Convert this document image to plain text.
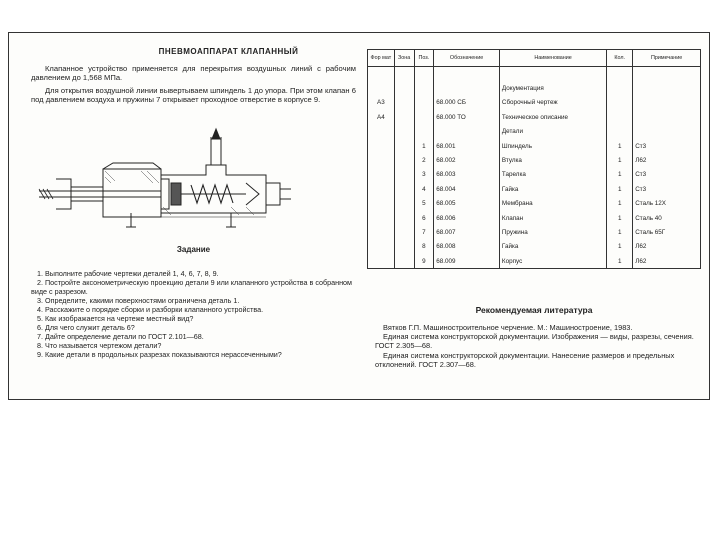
ПНЕВМОАППАРАТ КЛАПАННЫЙ

Клапанное устройство применяется для перекрытия воздушных линий с рабочим давлением до 1,568 МПа.

Для открытия воздушной линии вывертываем шпиндель 1 до упора. При этом клапан 6 под давлением воздуха и пружины 7 открывает проходное отверстие в корпусе 9.

Задание
1. Выполните рабочие чертежи деталей 1, 4, 6, 7, 8, 9.
2. Постройте аксонометрическую проекцию детали 9 или клапанного устройства в собранном виде с разрезом.
3. Определите, какими поверхностями ограничена деталь 1.
4. Расскажите о порядке сборки и разборки клапанного устройства.
5. Как изображается на чертеже местный вид?
6. Для чего служит деталь 6?
7. Дайте определение детали по ГОСТ 2.101—68.
8. Что называется чертежом детали?
9. Какие детали в продольных разрезах показываются нерассеченными?
Фор мат	Зона	Поз.	Обозначение	Наименование	Кол.	Примечание

				Документация		
А3			68.000 СБ	Сборочный чертеж		
А4			68.000 ТО	Техническое описание		
				Детали		
		1	68.001	Шпиндель	1	Ст3
		2	68.002	Втулка	1	Л62
		3	68.003	Тарелка	1	Ст3
		4	68.004	Гайка	1	Ст3
		5	68.005	Мембрана	1	Сталь 12Х
		6	68.006	Клапан	1	Сталь 40
		7	68.007	Пружина	1	Сталь 65Г
		8	68.008	Гайка	1	Л62
		9	68.009	Корпус	1	Л62
Рекомендуемая литература
Вятков Г.П. Машиностроительное черчение. М.: Машиностроение, 1983.
Единая система конструкторской документации. Изображения — виды, разрезы, сечения. ГОСТ 2.305—68.
Единая система конструкторской документации. Нанесение размеров и предельных отклонений. ГОСТ 2.307—68.
